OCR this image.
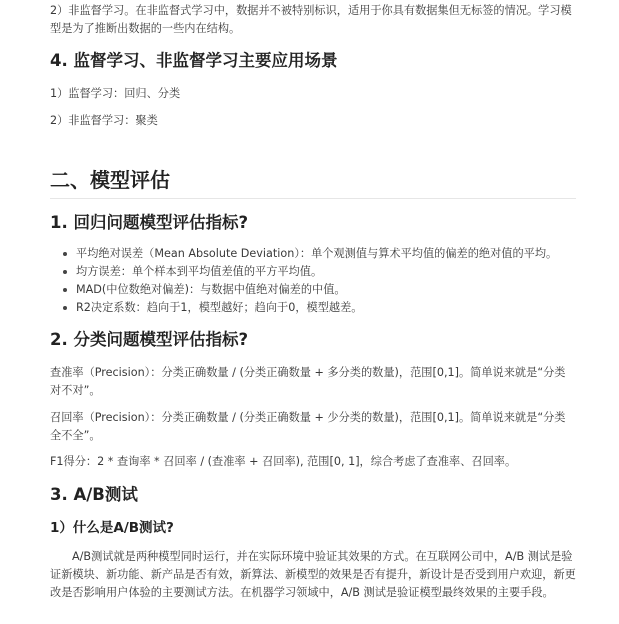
2）非监督学习。在非监督式学习中，数据并不被特别标识，适用于你具有数据集但无标签的情况。学习模型是为了推断出数据的一些内在结构。

4. 监督学习、非监督学习主要应用场景

1）监督学习：回归、分类

2）非监督学习：聚类

二、模型评估
1. 回归问题模型评估指标?
平均绝对误差（Mean Absolute Deviation）：单个观测值与算术平均值的偏差的绝对值的平均。
均方误差：单个样本到平均值差值的平方平均值。
MAD(中位数绝对偏差)：与数据中值绝对偏差的中值。
R2决定系数：趋向于1，模型越好；趋向于0，模型越差。
2. 分类问题模型评估指标?

查准率（Precision）：分类正确数量 / (分类正确数量 + 多分类的数量)，范围[0,1]。简单说来就是“分类对不对”。

召回率（Precision）：分类正确数量 / (分类正确数量 + 少分类的数量)，范围[0,1]。简单说来就是“分类全不全”。

F1得分：2 * 查询率 * 召回率 / (查准率 + 召回率), 范围[0, 1]，综合考虑了查准率、召回率。

3. A/B测试
1）什么是A/B测试?

A/B测试就是两种模型同时运行，并在实际环境中验证其效果的方式。在互联网公司中，A/B 测试是验证新模块、新功能、新产品是否有效，新算法、新模型的效果是否有提升，新设计是否受到用户欢迎，新更改是否影响用户体验的主要测试方法。在机器学习领域中，A/B 测试是验证模型最终效果的主要手段。
